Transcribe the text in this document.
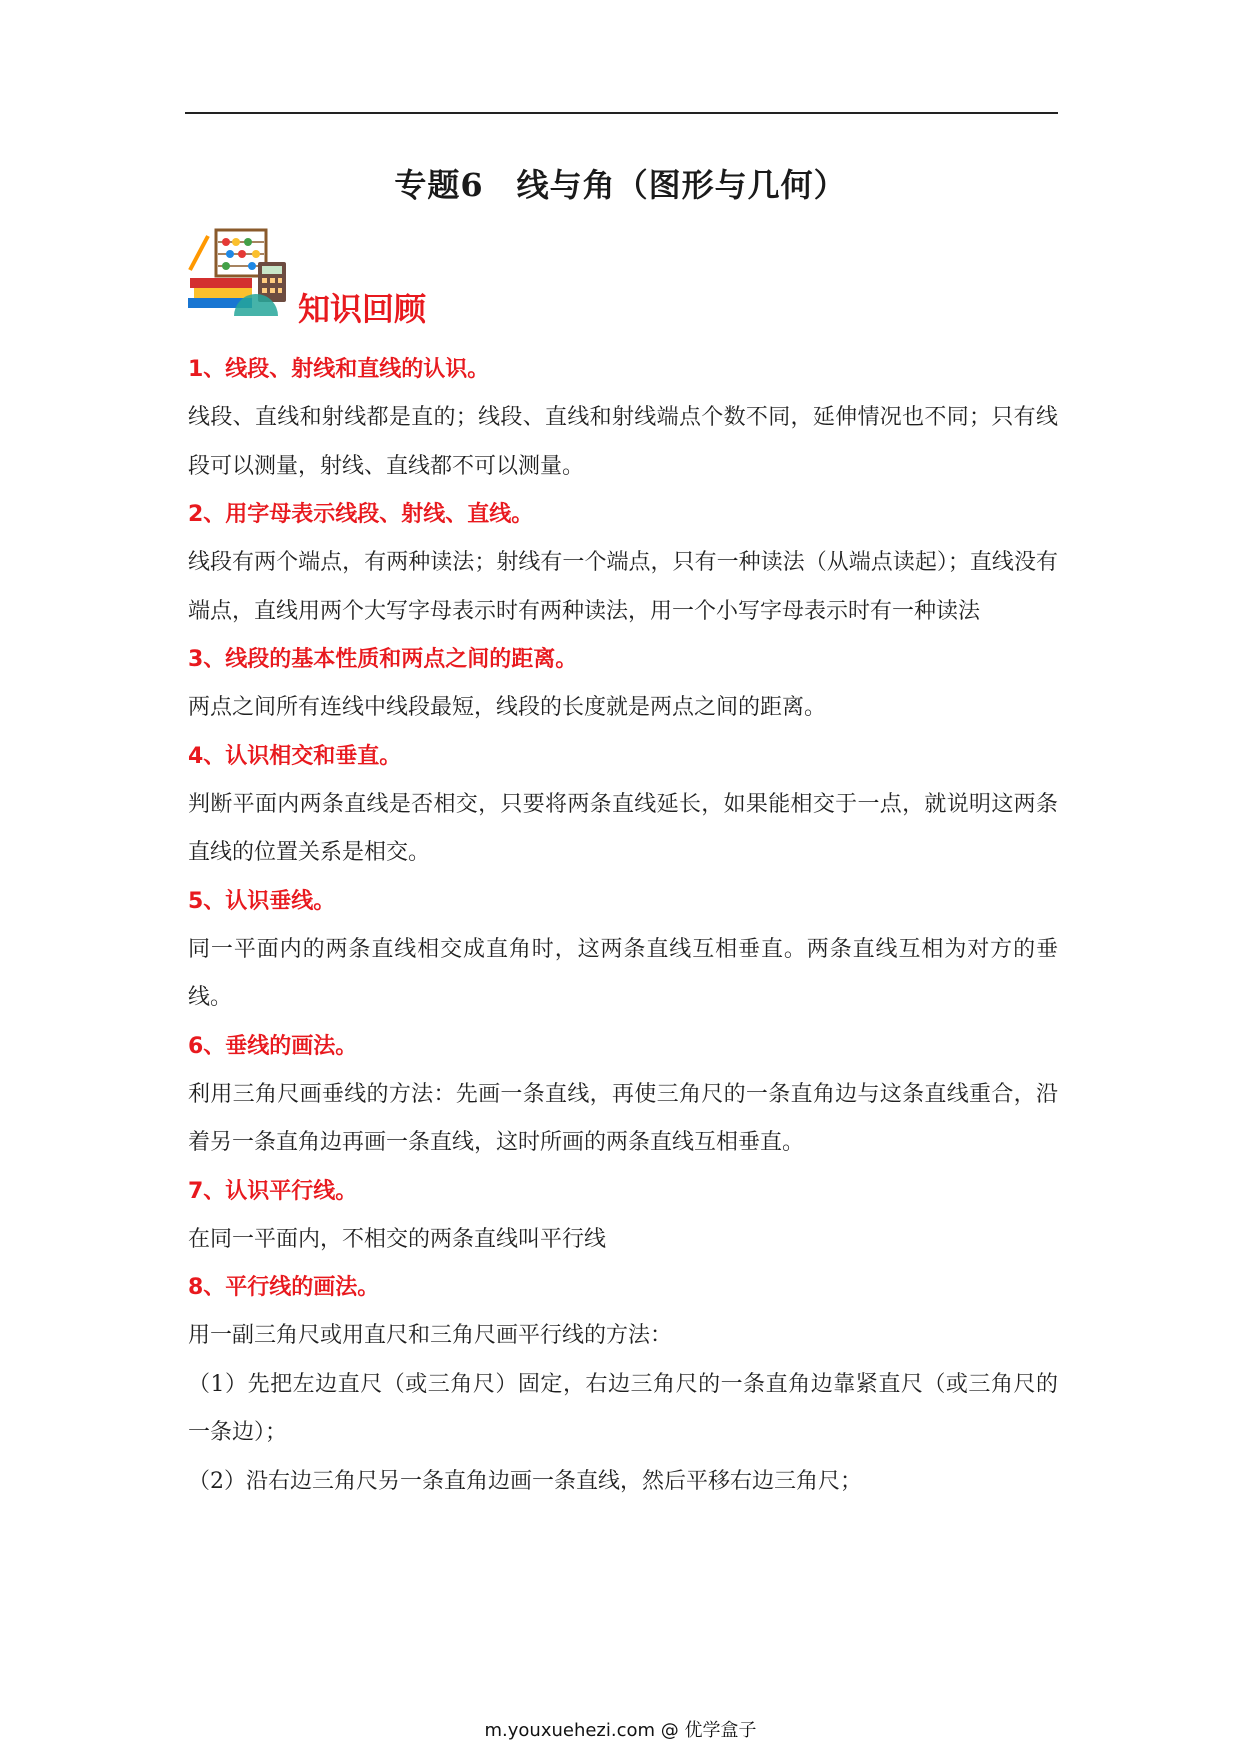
专题6　线与角（图形与几何）
知识回顾
1、线段、射线和直线的认识。
线段、直线和射线都是直的；线段、直线和射线端点个数不同，延伸情况也不同；只有线段可以测量，射线、直线都不可以测量。
2、用字母表示线段、射线、直线。
线段有两个端点，有两种读法；射线有一个端点，只有一种读法（从端点读起）；直线没有端点，直线用两个大写字母表示时有两种读法，用一个小写字母表示时有一种读法
3、线段的基本性质和两点之间的距离。
两点之间所有连线中线段最短，线段的长度就是两点之间的距离。
4、认识相交和垂直。
判断平面内两条直线是否相交，只要将两条直线延长，如果能相交于一点，就说明这两条直线的位置关系是相交。
5、认识垂线。
同一平面内的两条直线相交成直角时，这两条直线互相垂直。两条直线互相为对方的垂线。
6、垂线的画法。
利用三角尺画垂线的方法：先画一条直线，再使三角尺的一条直角边与这条直线重合，沿着另一条直角边再画一条直线，这时所画的两条直线互相垂直。
7、认识平行线。
在同一平面内，不相交的两条直线叫平行线
8、平行线的画法。
用一副三角尺或用直尺和三角尺画平行线的方法：
（1）先把左边直尺（或三角尺）固定，右边三角尺的一条直角边靠紧直尺（或三角尺的一条边）；
（2）沿右边三角尺另一条直角边画一条直线，然后平移右边三角尺；
m.youxuehezi.com @ 优学盒子
